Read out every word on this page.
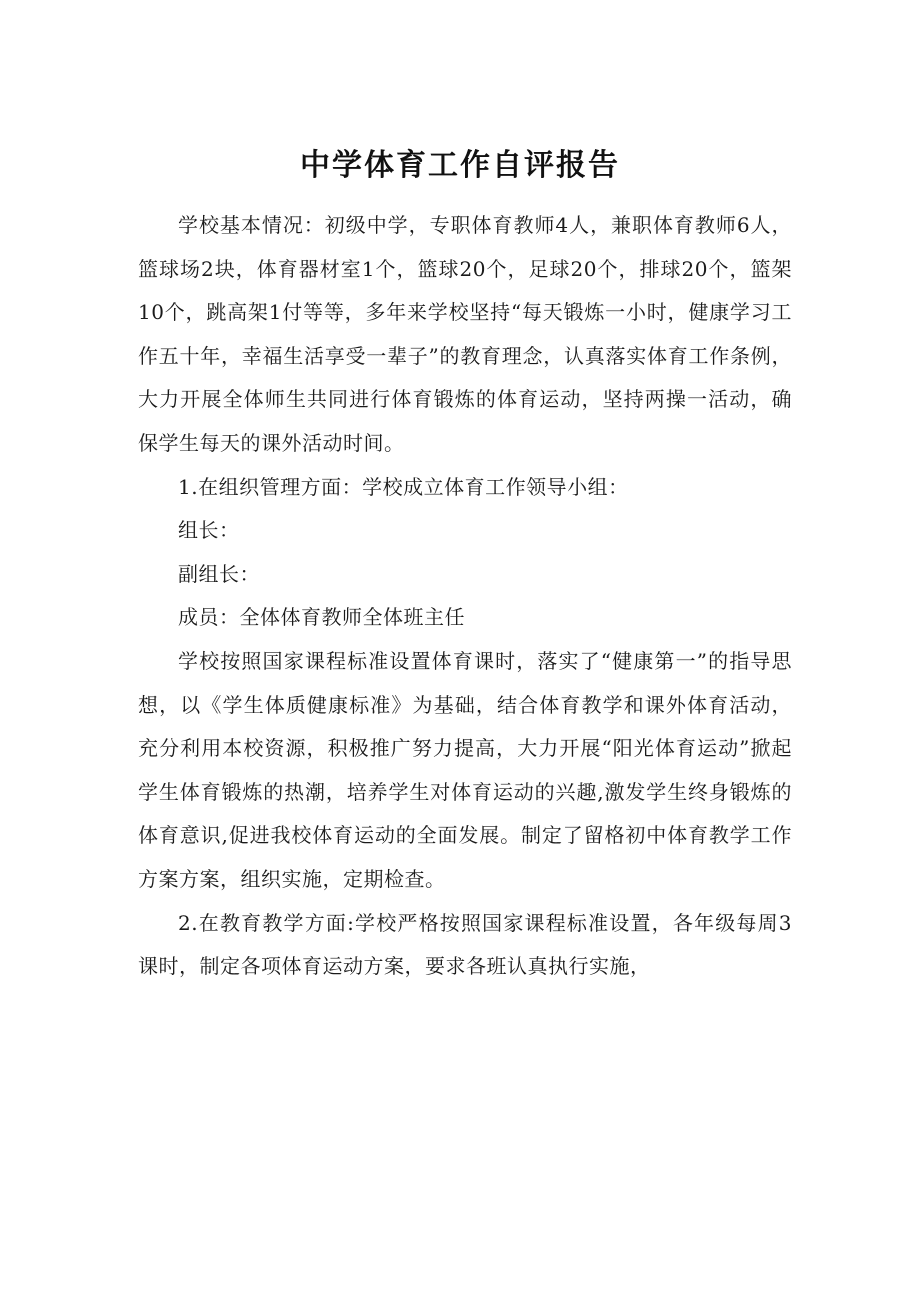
中学体育工作自评报告

学校基本情况：初级中学，专职体育教师4人，兼职体育教师6人，篮球场2块，体育器材室1个，篮球20个，足球20个，排球20个，篮架10个，跳高架1付等等，多年来学校坚持“每天锻炼一小时，健康学习工作五十年，幸福生活享受一辈子”的教育理念，认真落实体育工作条例，大力开展全体师生共同进行体育锻炼的体育运动，坚持两操一活动，确保学生每天的课外活动时间。

1.在组织管理方面：学校成立体育工作领导小组：

组长：

副组长：

成员：全体体育教师全体班主任

学校按照国家课程标准设置体育课时，落实了“健康第一”的指导思想，以《学生体质健康标准》为基础，结合体育教学和课外体育活动，充分利用本校资源，积极推广努力提高，大力开展“阳光体育运动”掀起学生体育锻炼的热潮，培养学生对体育运动的兴趣,激发学生终身锻炼的体育意识,促进我校体育运动的全面发展。制定了留格初中体育教学工作方案方案，组织实施，定期检查。

2.在教育教学方面:学校严格按照国家课程标准设置，各年级每周3课时，制定各项体育运动方案，要求各班认真执行实施，
